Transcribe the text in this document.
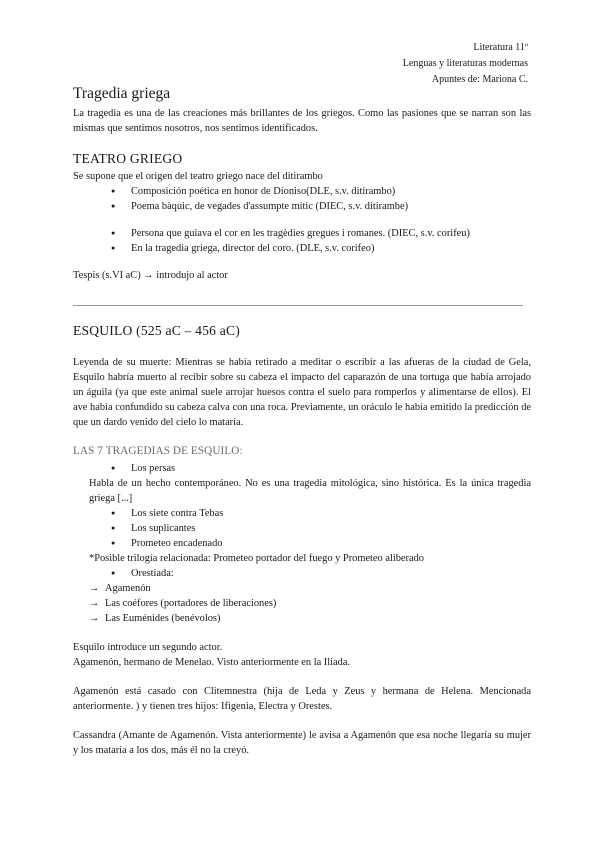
Literatura 11º
Lenguas y literaturas modernas
Apuntes de: Mariona C.
Tragedia griega

La tragedia es una de las creaciones más brillantes de los griegos. Como las pasiones que se narran son las mismas que sentimos nosotros, nos sentimos identificados.

TEATRO GRIEGO

Se supone que el origen del teatro griego nace del ditirambo

● Composición poética en honor de Dioniso(DLE, s.v. ditirambo)
● Poema bàquic, de vegades d'assumpte mític (DIEC, s.v. ditirambe)
● Persona que guiava el cor en les tragèdies gregues i romanes. (DIEC, s.v. corifeu)
● En la tragedia griega, director del coro. (DLE, s.v. corifeo)

Tespis (s.VI aC) → introdujo al actor

ESQUILO (525 aC – 456 aC)

Leyenda de su muerte: Mientras se había retirado a meditar o escribir a las afueras de la ciudad de Gela, Esquilo habría muerto al recibir sobre su cabeza el impacto del caparazón de una tortuga que había arrojado un águila (ya que este animal suele arrojar huesos contra el suelo para romperlos y alimentarse de ellos). El ave había confundido su cabeza calva con una roca. Previamente, un oráculo le había emitido la predicción de que un dardo venido del cielo lo mataría.

LAS 7 TRAGEDIAS DE ESQUILO:
● Los persas

Habla de un hecho contemporáneo. No es una tragedia mitológica, sino histórica. Es la única tragedia griega [...]

● Los siete contra Tebas
● Los suplicantes
● Prometeo encadenado

*Posible trilogía relacionada: Prometeo portador del fuego y Prometeo aliberado

● Orestiada:
→ Agamenón
→ Las coéfores (portadores de liberaciones)
→ Las Euménides (benévolos)

Esquilo introduce un segundo actor.

Agamenón, hermano de Menelao. Visto anteriormente en la Iliada.

Agamenón está casado con Clitemnestra (hija de Leda y Zeus y hermana de Helena. Mencionada anteriormente. ) y tienen tres hijos: Ifigenia, Electra y Orestes.

Cassandra (Amante de Agamenón. Vista anteriormente) le avisa a Agamenón que esa noche llegaría su mujer y los mataría a los dos, más él no la creyó.
